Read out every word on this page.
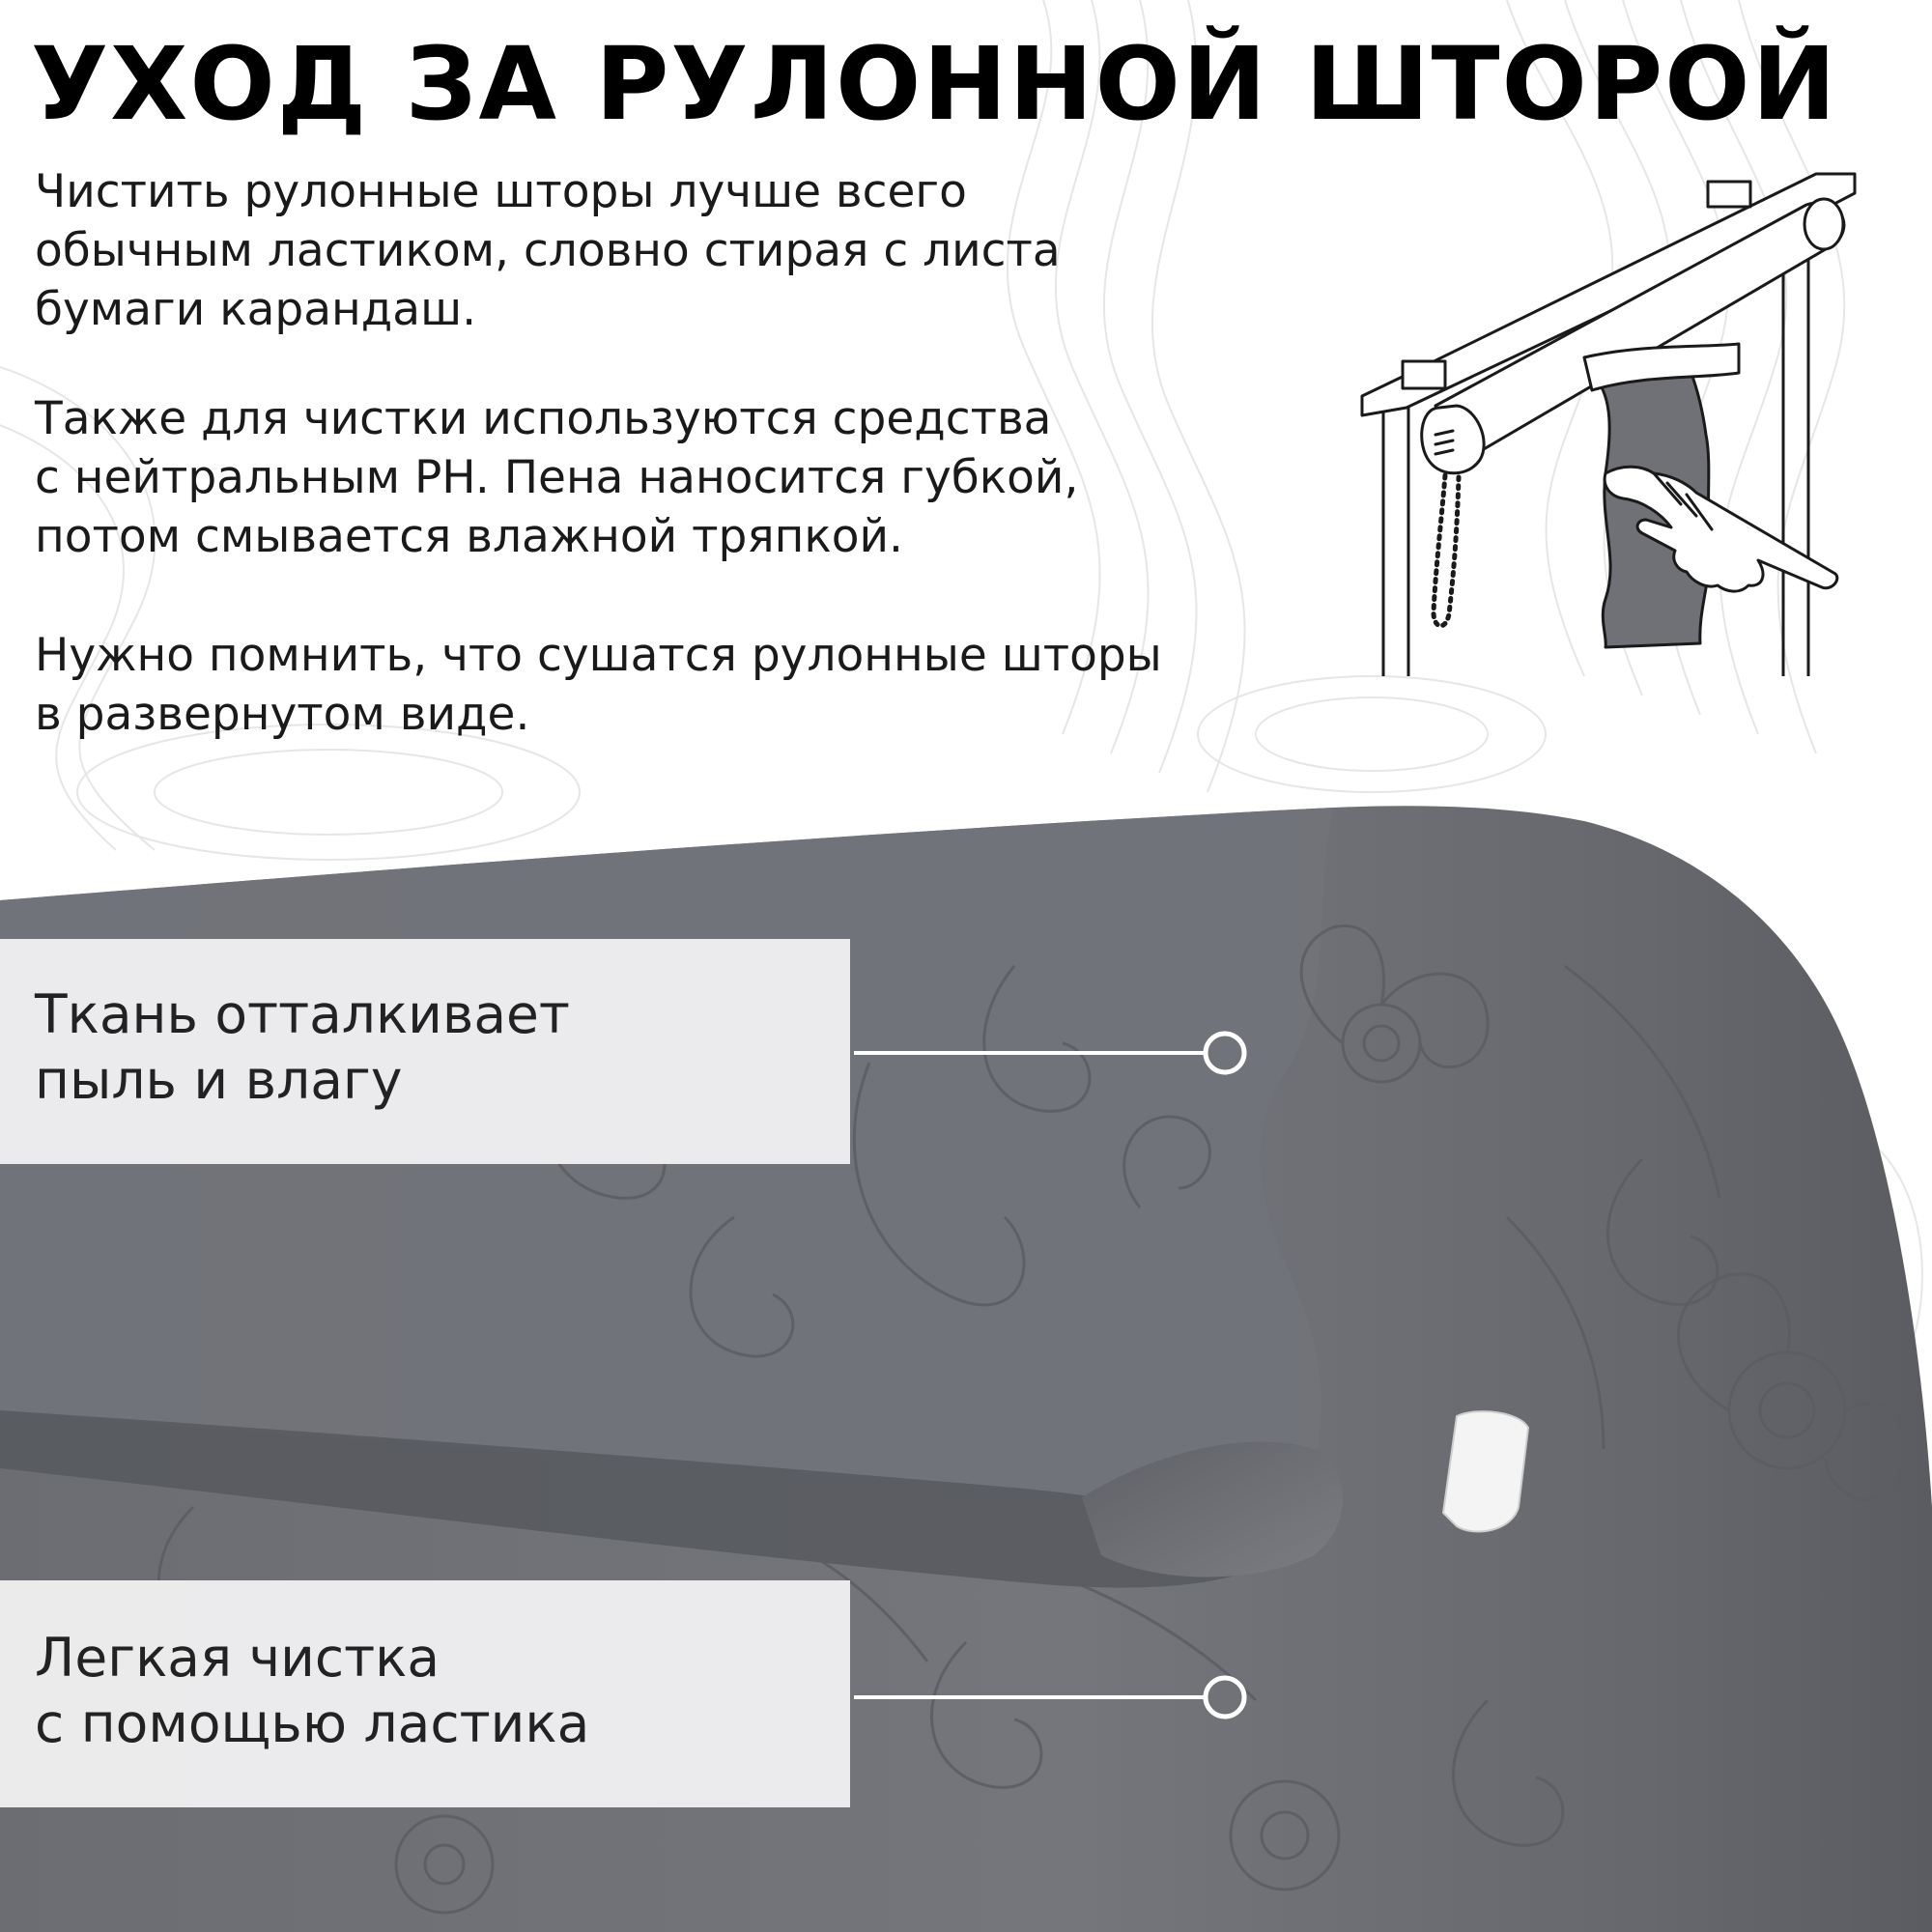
УХОД ЗА РУЛОННОЙ ШТОРОЙ

Чистить рулонные шторы лучше всего
обычным ластиком, словно стирая с листа
бумаги карандаш.

Также для чистки используются средства
с нейтральным PH. Пена наносится губкой,
потом смывается влажной тряпкой.

Нужно помнить, что сушатся рулонные шторы
в развернутом виде.

Ткань отталкивает
пыль и влагу

Легкая чистка
с помощью ластика
